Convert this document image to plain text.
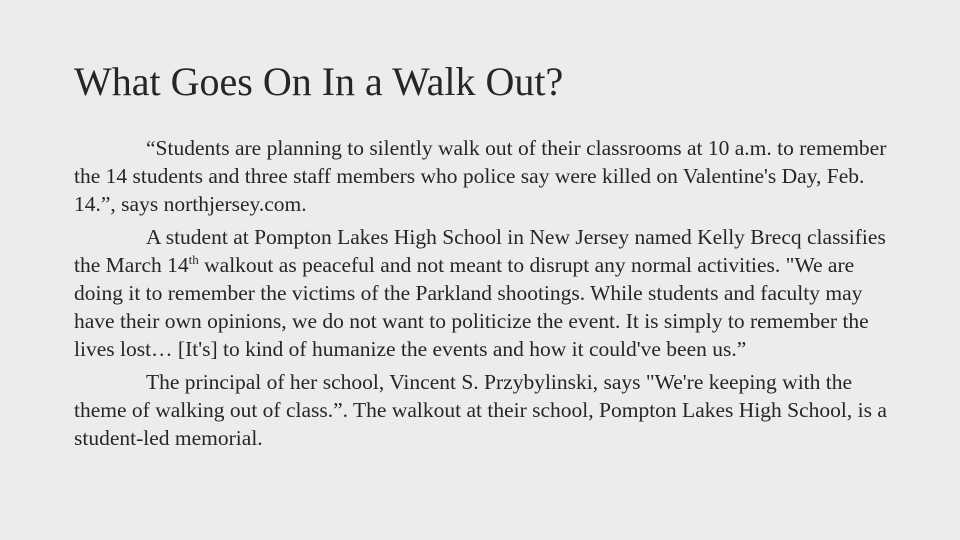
What Goes On In a Walk Out?

“Students are planning to silently walk out of their classrooms at 10 a.m. to remember the 14 students and three staff members who police say were killed on Valentine's Day, Feb. 14.”, says northjersey.com.

A student at Pompton Lakes High School in New Jersey named Kelly Brecq classifies the March 14th walkout as peaceful and not meant to disrupt any normal activities. "We are doing it to remember the victims of the Parkland shootings. While students and faculty may have their own opinions, we do not want to politicize the event. It is simply to remember the lives lost… [It's] to kind of humanize the events and how it could've been us.”

The principal of her school, Vincent S. Przybylinski, says "We're keeping with the theme of walking out of class.”. The walkout at their school, Pompton Lakes High School, is a student-led memorial.
